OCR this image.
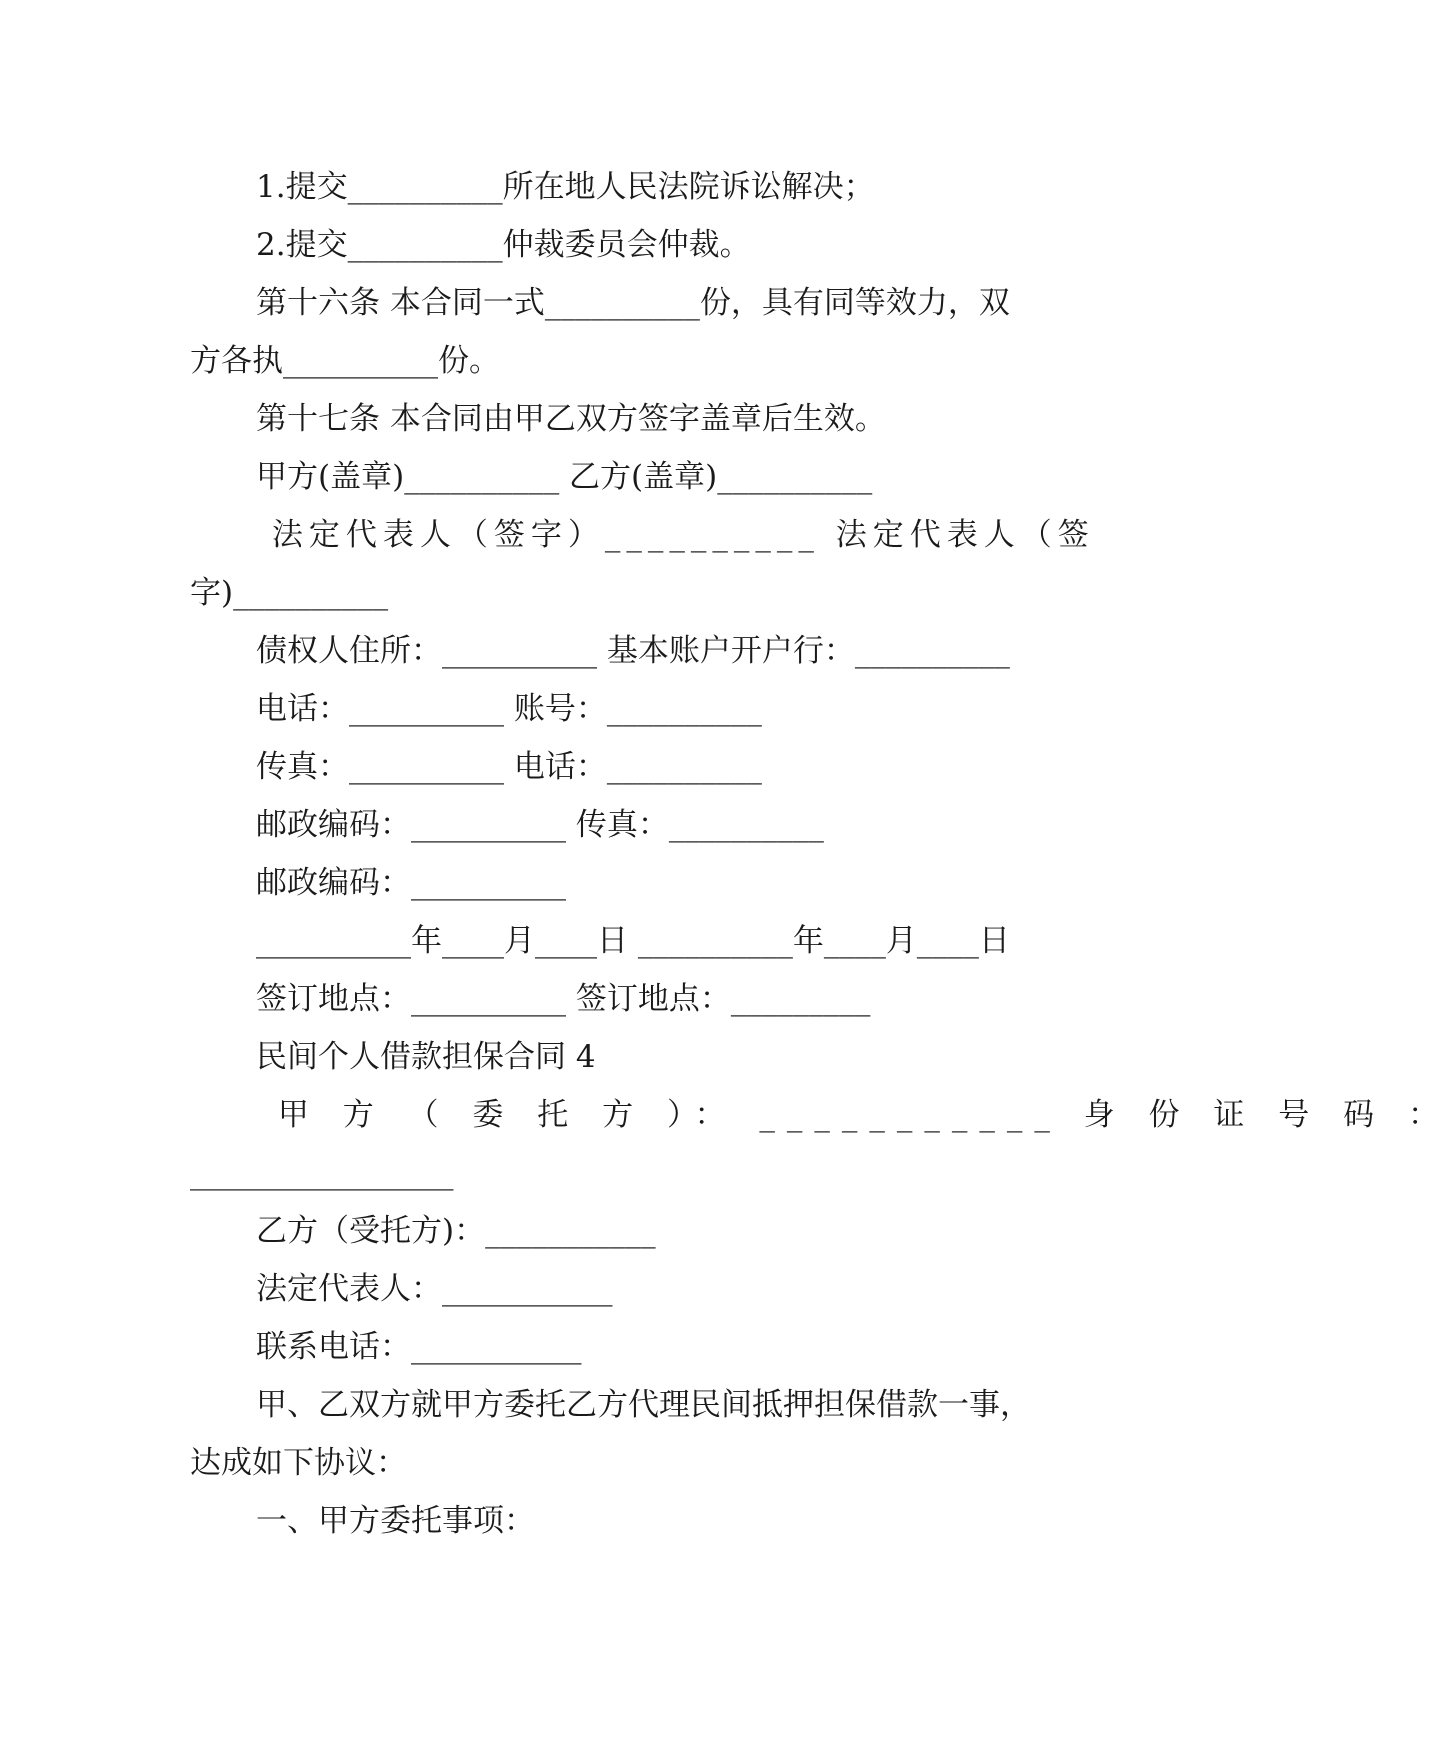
1.提交__________所在地人民法院诉讼解决；

2.提交__________仲裁委员会仲裁。

第十六条 本合同一式__________份，具有同等效力，双

方各执__________份。

第十七条 本合同由甲乙双方签字盖章后生效。

甲方(盖章)__________ 乙方(盖章)__________

法定代表人（签字）__________ 法定代表人（签

字)__________

债权人住所：__________ 基本账户开户行：__________

电话：__________ 账号：__________

传真：__________ 电话：__________

邮政编码：__________ 传真：__________

邮政编码：__________

__________年____月____日 __________年____月____日

签订地点：__________ 签订地点：_________

民间个人借款担保合同 4

甲 方 （ 委 托 方 ）： ___________ 身 份 证 号 码 ：

_________________

乙方（受托方)：___________

法定代表人：___________

联系电话：___________

甲、乙双方就甲方委托乙方代理民间抵押担保借款一事，

达成如下协议：

一、甲方委托事项：
